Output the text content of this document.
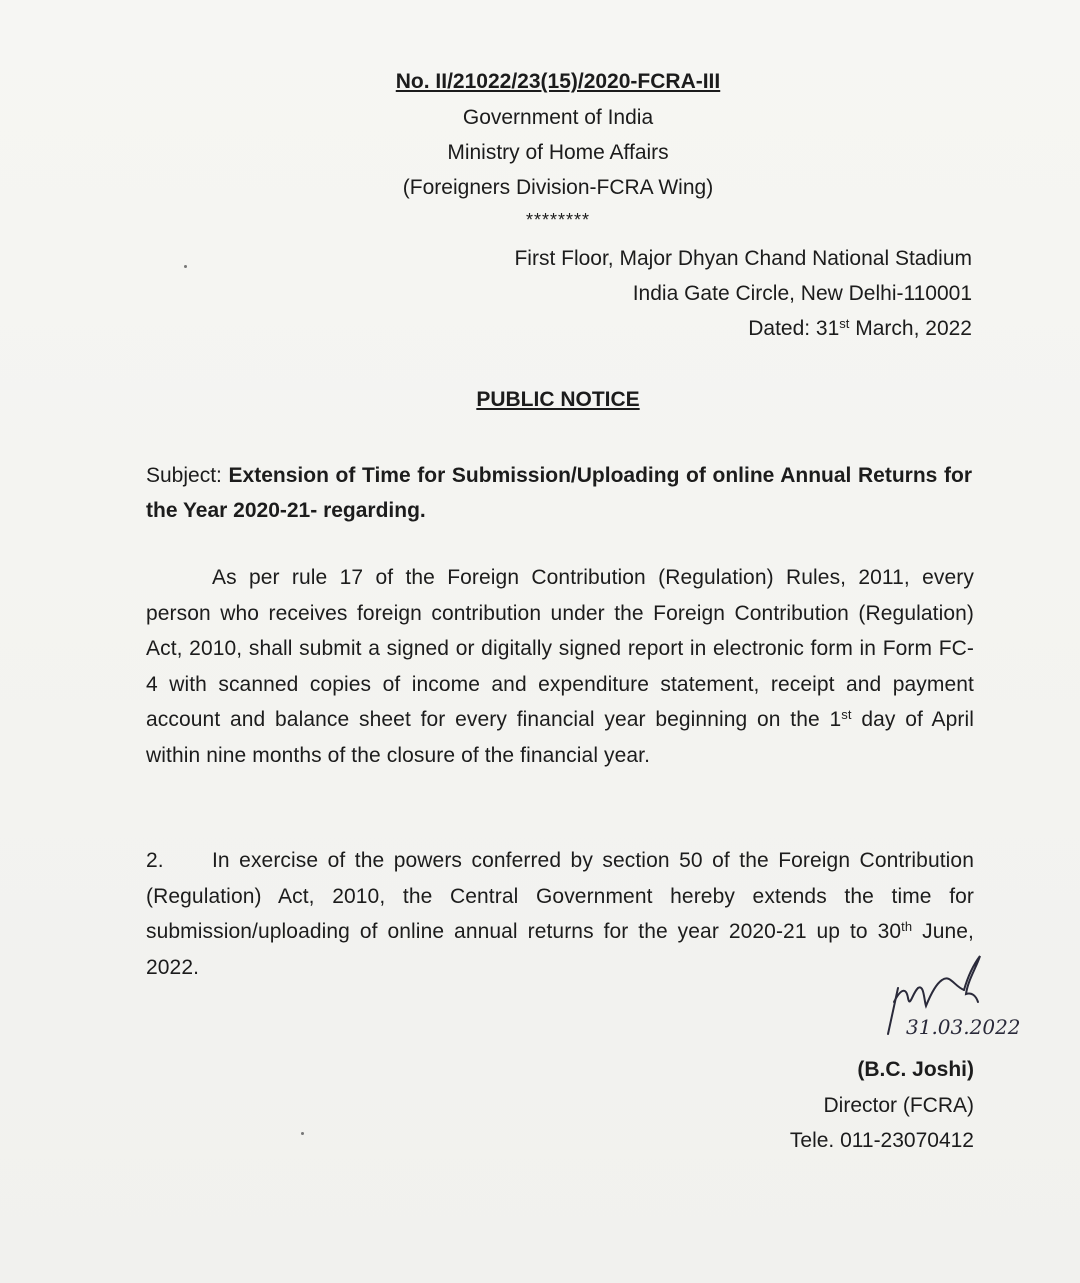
No. II/21022/23(15)/2020-FCRA-III
Government of India
Ministry of Home Affairs
(Foreigners Division-FCRA Wing)
********
First Floor, Major Dhyan Chand National Stadium
India Gate Circle, New Delhi-110001
Dated: 31st March, 2022
PUBLIC NOTICE
Subject: Extension of Time for Submission/Uploading of online Annual Returns for the Year 2020-21- regarding.
As per rule 17 of the Foreign Contribution (Regulation) Rules, 2011, every person who receives foreign contribution under the Foreign Contribution (Regulation) Act, 2010, shall submit a signed or digitally signed report in electronic form in Form FC-4 with scanned copies of income and expenditure statement, receipt and payment account and balance sheet for every financial year beginning on the 1st day of April within nine months of the closure of the financial year.
2. In exercise of the powers conferred by section 50 of the Foreign Contribution (Regulation) Act, 2010, the Central Government hereby extends the time for submission/uploading of online annual returns for the year 2020-21 up to 30th June, 2022.
31.03.2022
(B.C. Joshi)
Director (FCRA)
Tele. 011-23070412
